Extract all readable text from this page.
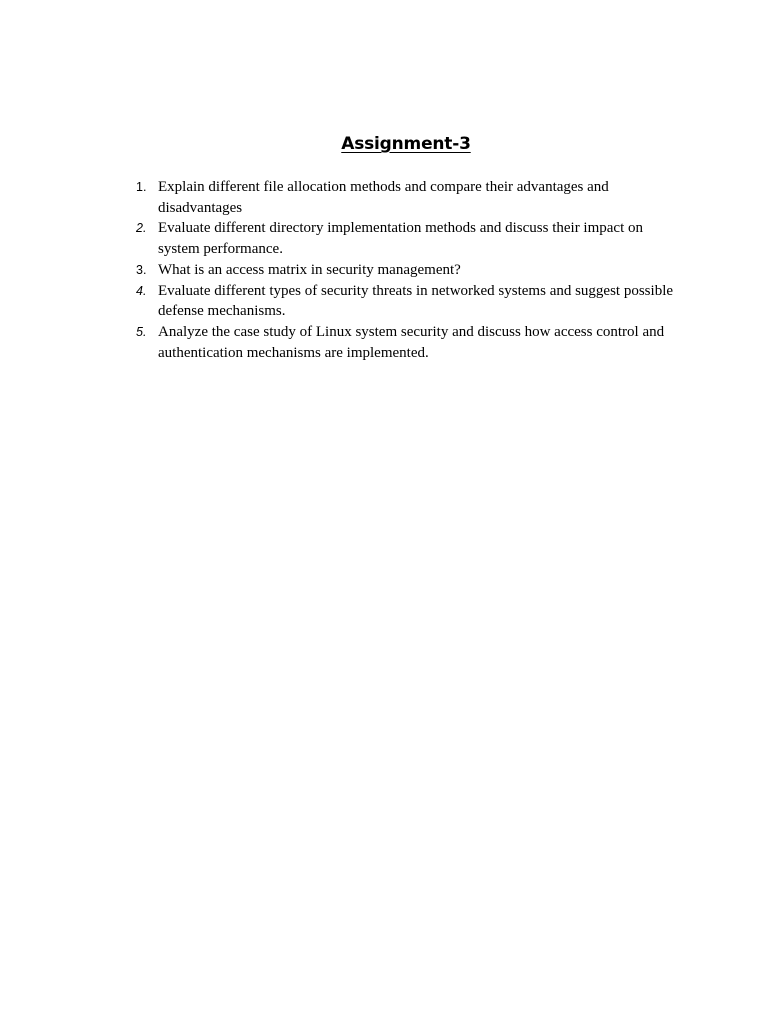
Assignment-3
1. Explain different file allocation methods and compare their advantages and disadvantages
2. Evaluate different directory implementation methods and discuss their impact on system performance.
3. What is an access matrix in security management?
4. Evaluate different types of security threats in networked systems and suggest possible defense mechanisms.
5. Analyze the case study of Linux system security and discuss how access control and authentication mechanisms are implemented.
